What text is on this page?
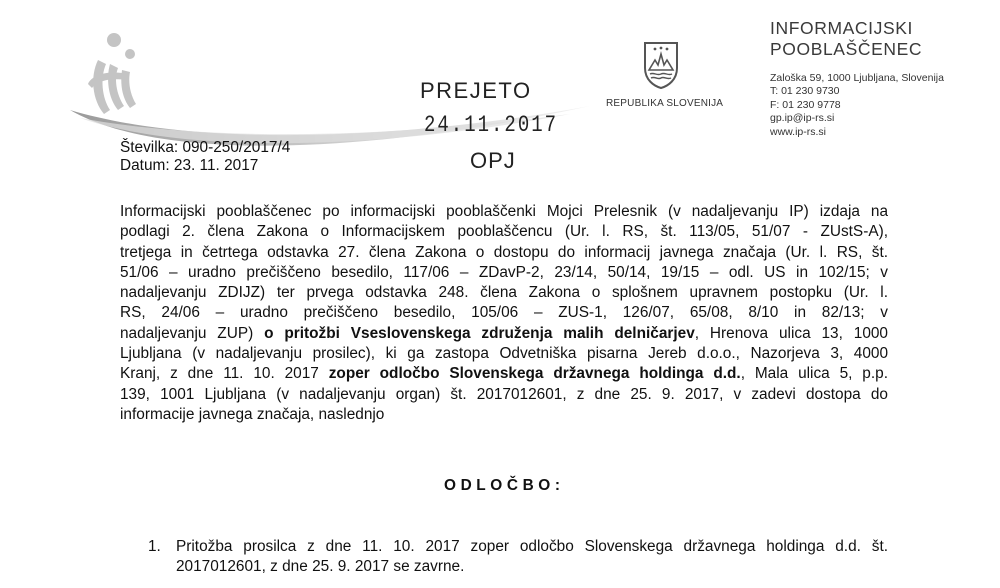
REPUBLIKA SLOVENIJA
INFORMACIJSKI
POOBLAŠČENEC
Zaloška 59, 1000 Ljubljana, Slovenija
T: 01 230 9730
F: 01 230 9778
gp.ip@ip-rs.si
www.ip-rs.si
PREJETO
24.11.2017
OPJ
Številka: 090-250/2017/4
Datum: 23. 11. 2017
Informacijski pooblaščenec po informacijski pooblaščenki Mojci Prelesnik (v nadaljevanju IP) izdaja na
podlagi 2. člena Zakona o Informacijskem pooblaščencu (Ur. l. RS, št. 113/05, 51/07 - ZUstS-A),
tretjega in četrtega odstavka 27. člena Zakona o dostopu do informacij javnega značaja (Ur. l. RS, št.
51/06 – uradno prečiščeno besedilo, 117/06 – ZDavP-2, 23/14, 50/14, 19/15 – odl. US in 102/15; v
nadaljevanju ZDIJZ) ter prvega odstavka 248. člena Zakona o splošnem upravnem postopku (Ur. l.
RS, 24/06 – uradno prečiščeno besedilo, 105/06 – ZUS-1, 126/07, 65/08, 8/10 in 82/13; v
nadaljevanju ZUP) o pritožbi Vseslovenskega združenja malih delničarjev, Hrenova ulica 13, 1000
Ljubljana (v nadaljevanju prosilec), ki ga zastopa Odvetniška pisarna Jereb d.o.o., Nazorjeva 3, 4000
Kranj, z dne 11. 10. 2017 zoper odločbo Slovenskega državnega holdinga d.d., Mala ulica 5, p.p.
139, 1001 Ljubljana (v nadaljevanju organ) št. 2017012601, z dne 25. 9. 2017, v zadevi dostopa do
informacije javnega značaja, naslednjo
ODLOČBO:
1. Pritožba prosilca z dne 11. 10. 2017 zoper odločbo Slovenskega državnega holdinga d.d. št.
2017012601, z dne 25. 9. 2017 se zavrne.
